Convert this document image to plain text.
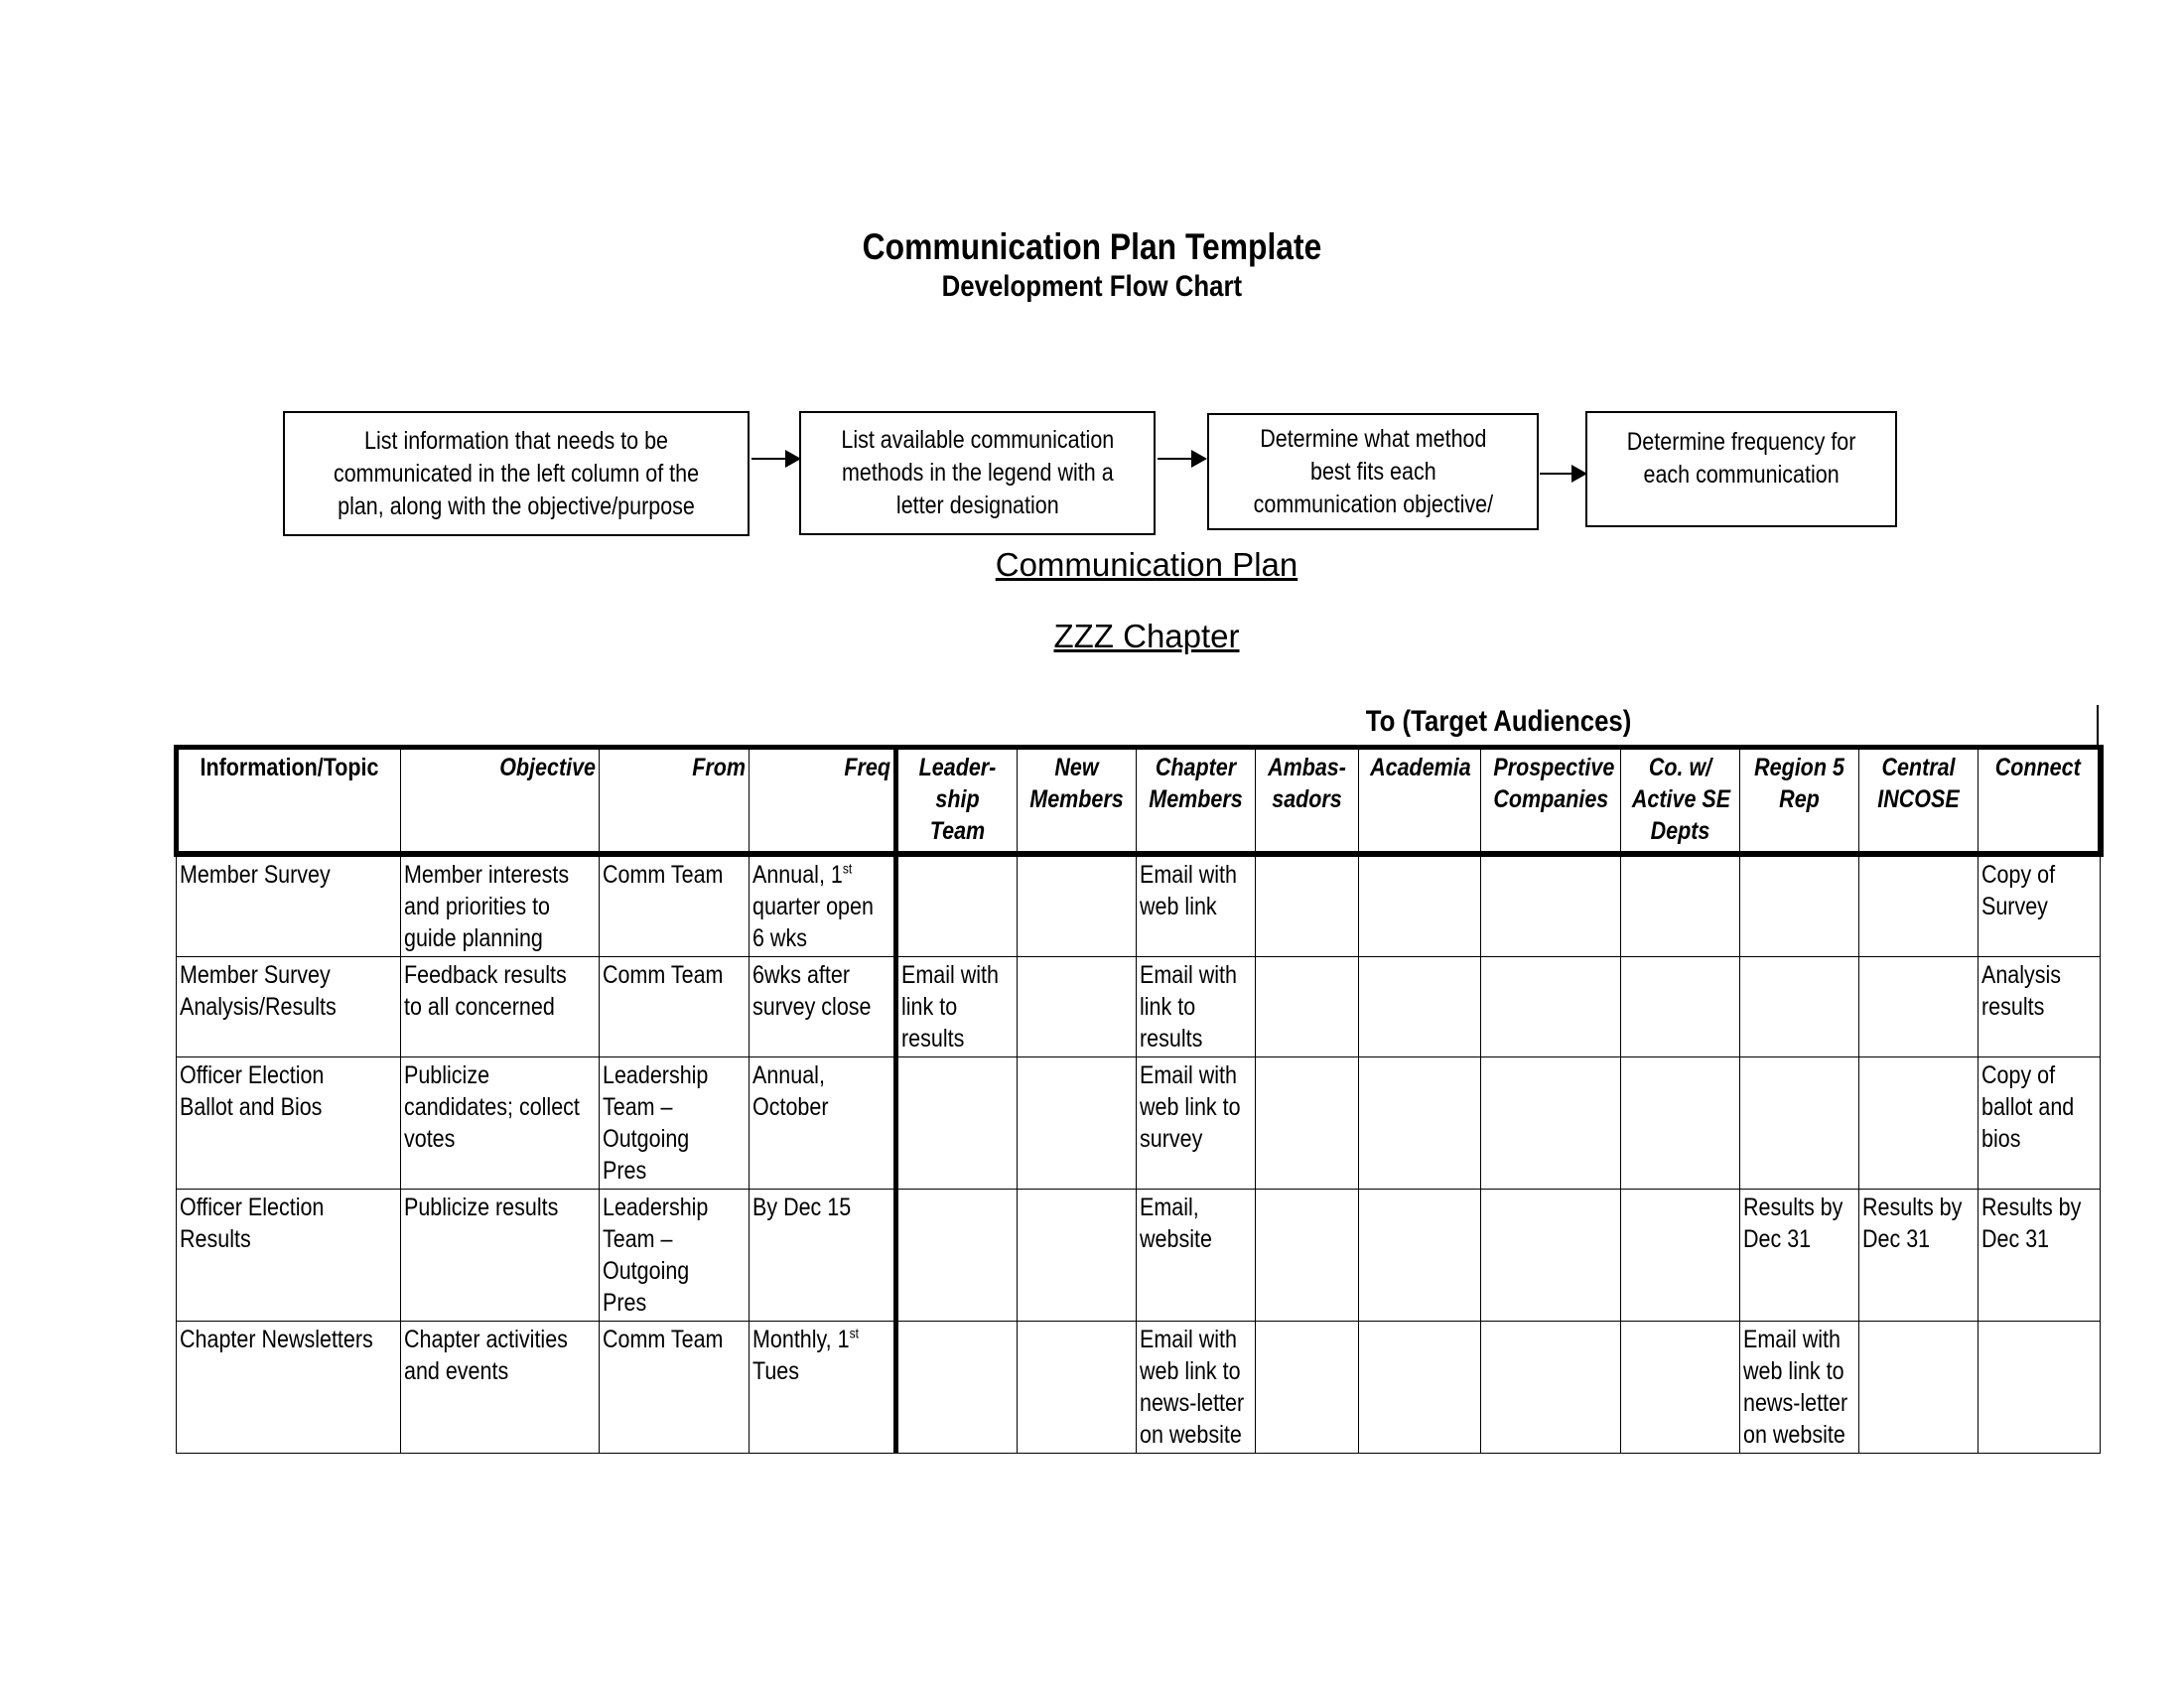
Communication Plan Template
Development Flow Chart
List information that needs to be
communicated in the left column of the
plan, along with the objective/purpose
List available communication
methods in the legend with a
letter designation
Determine what method
best fits each
communication objective/
Determine frequency for
each communication
Communication Plan
ZZZ Chapter
To (Target Audiences)
Information/Topic	Objective	From	Freq	Leader-
ship
Team	New
Members	Chapter
Members	Ambas-
sadors	Academia	Prospective
Companies	Co. w/
Active SE
Depts	Region 5
Rep	Central
INCOSE	Connect

Member Survey	Member interests
and priorities to
guide planning	Comm Team	Annual, 1st
quarter open
6 wks			Email with
web link							Copy of
Survey

Member Survey
Analysis/Results	Feedback results
to all concerned	Comm Team	6wks after
survey close	Email with
link to
results		Email with
link to
results							Analysis
results

Officer Election
Ballot and Bios	Publicize
candidates; collect
votes	Leadership
Team –
Outgoing
Pres	Annual,
October			Email with
web link to
survey							Copy of
ballot and
bios

Officer Election
Results	Publicize results	Leadership
Team –
Outgoing
Pres	By Dec 15			Email,
website					Results by
Dec 31	Results by
Dec 31	Results by
Dec 31

Chapter Newsletters	Chapter activities
and events	Comm Team	Monthly, 1st
Tues			Email with
web link to
news-letter
on website					Email with
web link to
news-letter
on website		
